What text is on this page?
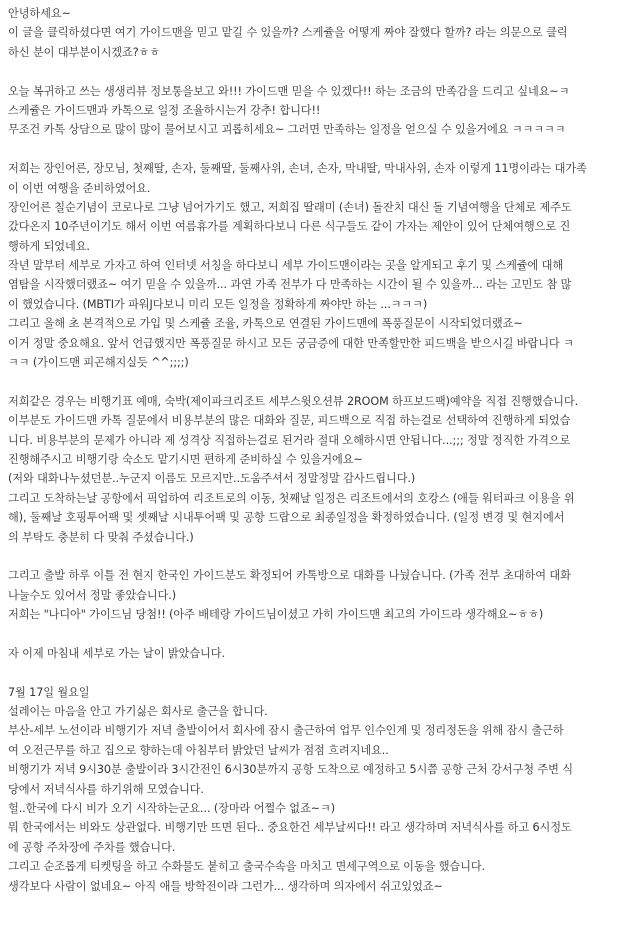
안녕하세요~
이 글을 클릭하셨다면 여기 가이드맨을 믿고 맡길 수 있을까? 스케쥴을 어떻게 짜야 잘했다 할까? 라는 의문으로 클릭
하신 분이 대부분이시겠죠?ㅎㅎ
오늘 복귀하고 쓰는 생생리뷰 정보통을보고 와!!! 가이드맨 믿을 수 있겠다!! 하는 조금의 만족감을 드리고 싶네요~ㅋ
스케쥴은 가이드맨과 카톡으로 일정 조율하시는거 강추! 합니다!!
무조건 카톡 상담으로 많이 많이 물어보시고 괴롭히세요~ 그러면 만족하는 일정을 얻으실 수 있을거에요 ㅋㅋㅋㅋㅋ
저희는 장인어른, 장모님, 첫째딸, 손자, 둘째딸, 둘째사위, 손녀, 손자, 막내딸, 막내사위, 손자 이렇게 11명이라는 대가족
이 이번 여행을 준비하였어요.
장인어른 칠순기념이 코로나로 그냥 넘어가기도 했고, 저희집 딸래미 (손녀) 돌잔치 대신 돌 기념여행을 단체로 제주도
갔다온지 10주년이기도 해서 이번 여름휴가를 계획하다보니 다른 식구들도 같이 가자는 제안이 있어 단체여행으로 진
행하게 되었네요.
작년 말부터 세부로 가자고 하여 인터넷 서칭을 하다보니 세부 가이드맨이라는 곳을 알게되고 후기 및 스케쥴에 대해
염탐을 시작했더랬죠~ 여기 믿을 수 있을까... 과연 가족 전부가 다 만족하는 시간이 될 수 있을까... 라는 고민도 참 많
이 했었습니다. (MBTI가 파워J다보니 미리 모든 일정을 정확하게 짜야만 하는 ...ㅋㅋㅋ)
그리고 올해 초 본격적으로 가입 및 스케쥴 조율, 카톡으로 연결된 가이드맨에 폭풍질문이 시작되었더랬죠~
이거 정말 중요해요. 앞서 언급했지만 폭풍질문 하시고 모든 궁금증에 대한 만족할만한 피드백을 받으시길 바랍니다 ㅋ
ㅋㅋ (가이드맨 피곤해지실듯 ^^;;;;)
저희같은 경우는 비행기표 예매, 숙박(제이파크리조트 세부스윗오션뷰 2ROOM 하프보드팩)예약을 직접 진행했습니다.
이부분도 가이드맨 카톡 질문에서 비용부분의 많은 대화와 질문, 피드백으로 직접 하는걸로 선택하여 진행하게 되었습
니다. 비용부분의 문제가 아니라 제 성격상 직접하는걸로 된거라 절대 오해하시면 안됩니다...;;; 정말 정직한 가격으로
진행해주시고 비행기랑 숙소도 맡기시면 편하게 준비하실 수 있을거에요~
(저와 대화나누셨던분..누군지 이름도 모르지만..도움주셔서 정말정말 감사드립니다.)
그리고 도착하는날 공항에서 픽업하여 리조트로의 이동, 첫째날 일정은 리조트에서의 호캉스 (애들 워터파크 이용을 위
해), 둘째날 호핑투어팩 및 셋째날 시내투어팩 및 공항 드랍으로 최종일정을 확정하였습니다. (일정 변경 및 현지에서
의 부탁도 충분히 다 맞춰 주셨습니다.)
그리고 출발 하루 이틀 전 현지 한국인 가이드분도 확정되어 카톡방으로 대화를 나눴습니다. (가족 전부 초대하여 대화
나눌수도 있어서 정말 좋았습니다.)
저희는 "나디아" 가이드님 당첨!! (아주 배테랑 가이드님이셨고 가히 가이드맨 최고의 가이드라 생각해요~ㅎㅎ)
자 이제 마침내 세부로 가는 날이 밝았습니다.
7월 17일 월요일
설레이는 마음을 안고 가기싫은 회사로 출근을 합니다.
부산-세부 노선이라 비행기가 저녁 출발이어서 회사에 잠시 출근하여 업무 인수인계 및 정리정돈을 위해 잠시 출근하
여 오전근무를 하고 집으로 향하는데 아침부터 밝았던 날씨가 점점 흐려지네요..
비행기가 저녁 9시30분 출발이라 3시간전인 6시30분까지 공항 도착으로 예정하고 5시쯤 공항 근처 강서구청 주변 식
당에서 저녁식사를 하기위해 모였습니다.
헐..한국에 다시 비가 오기 시작하는군요... (장마라 어쩔수 없죠~ㅋ)
뭐 한국에서는 비와도 상관없다. 비행기만 뜨면 된다.. 중요한건 세부날씨다!! 라고 생각하며 저녁식사를 하고 6시정도
에 공항 주차장에 주차를 했습니다.
그리고 순조롭게 티켓팅을 하고 수화물도 붙히고 출국수속을 마치고 면세구역으로 이동을 했습니다.
생각보다 사람이 없네요~ 아직 애들 방학전이라 그런가... 생각하며 의자에서 쉬고있었죠~
